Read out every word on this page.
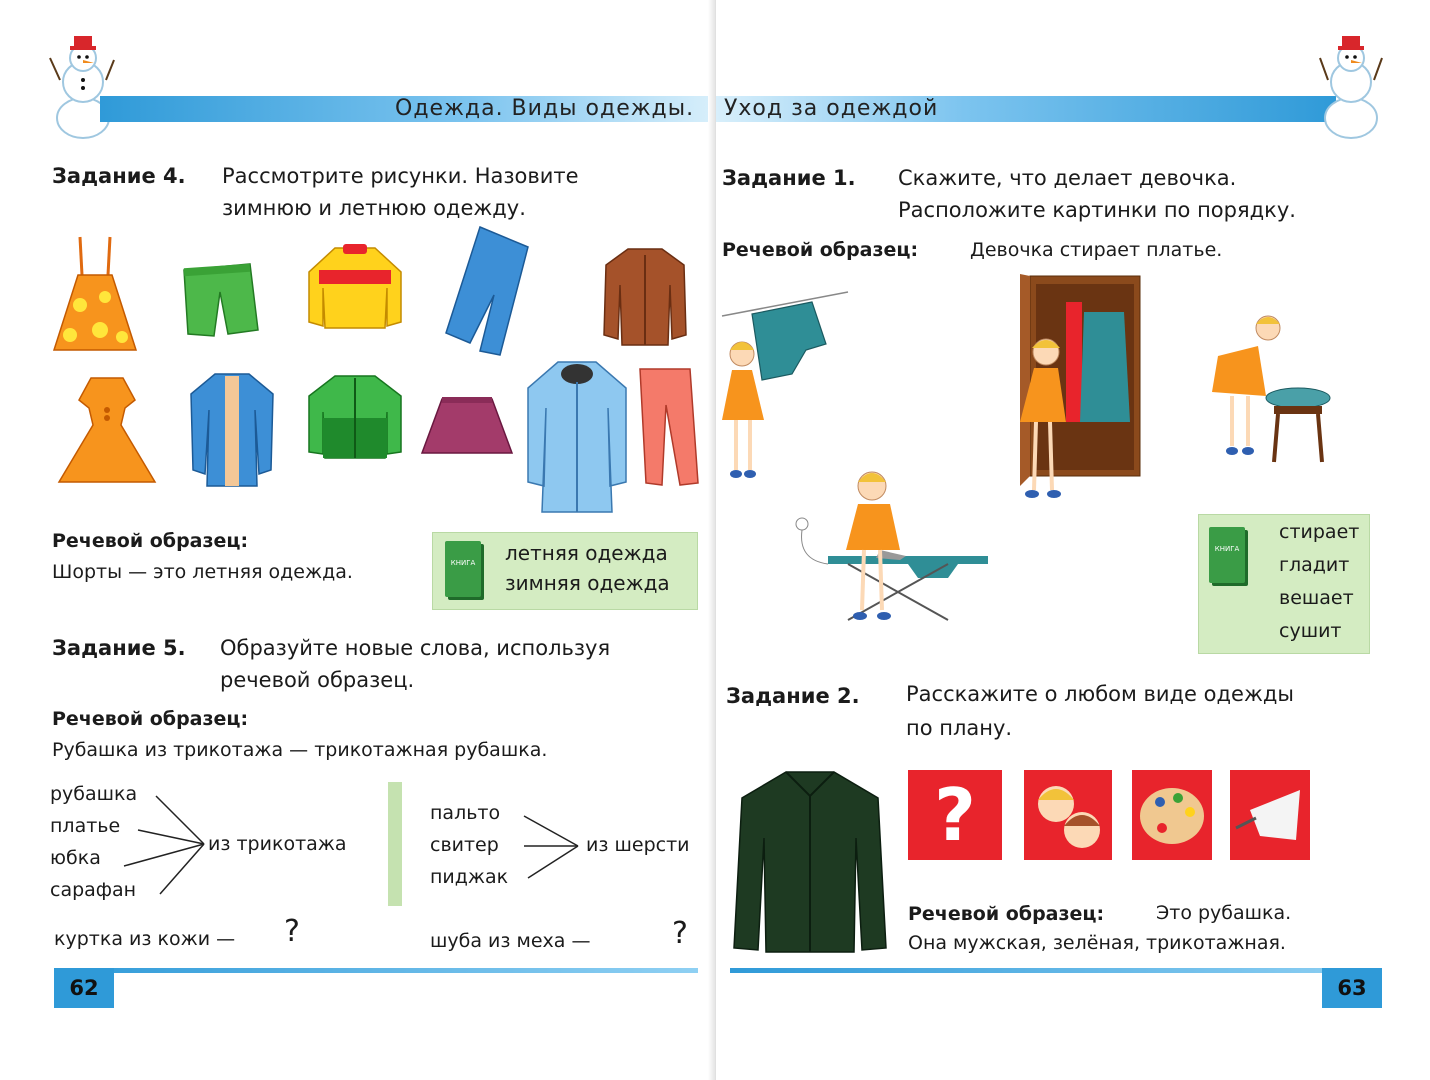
Одежда. Виды одежды.
Задание 4. Рассмотрите рисунки. Назовите
зимнюю и летнюю одежду.
Речевой образец:
Шорты — это летняя одежда.	КНИГА летняя одежда
зимняя одежда
Задание 5. Образуйте новые слова, используя
речевой образец.
Речевой образец:
Рубашка из трикотажа — трикотажная рубашка.
рубашка
платье
юбка
сарафан
из трикотажа
пальто
свитер
пиджак
из шерсти
куртка из кожи — ?	шуба из меха —	?
62
Уход за одеждой
Задание 1. Скажите, что делает девочка.
Расположите картинки по порядку.
Речевой образец:	Девочка стирает платье.
КНИГА
стирает
гладит
вешает
сушит
Задание 2. Расскажите о любом виде одежды
по плану.
?
Речевой образец:	Это рубашка.
Она мужская, зелёная, трикотажная.
63
